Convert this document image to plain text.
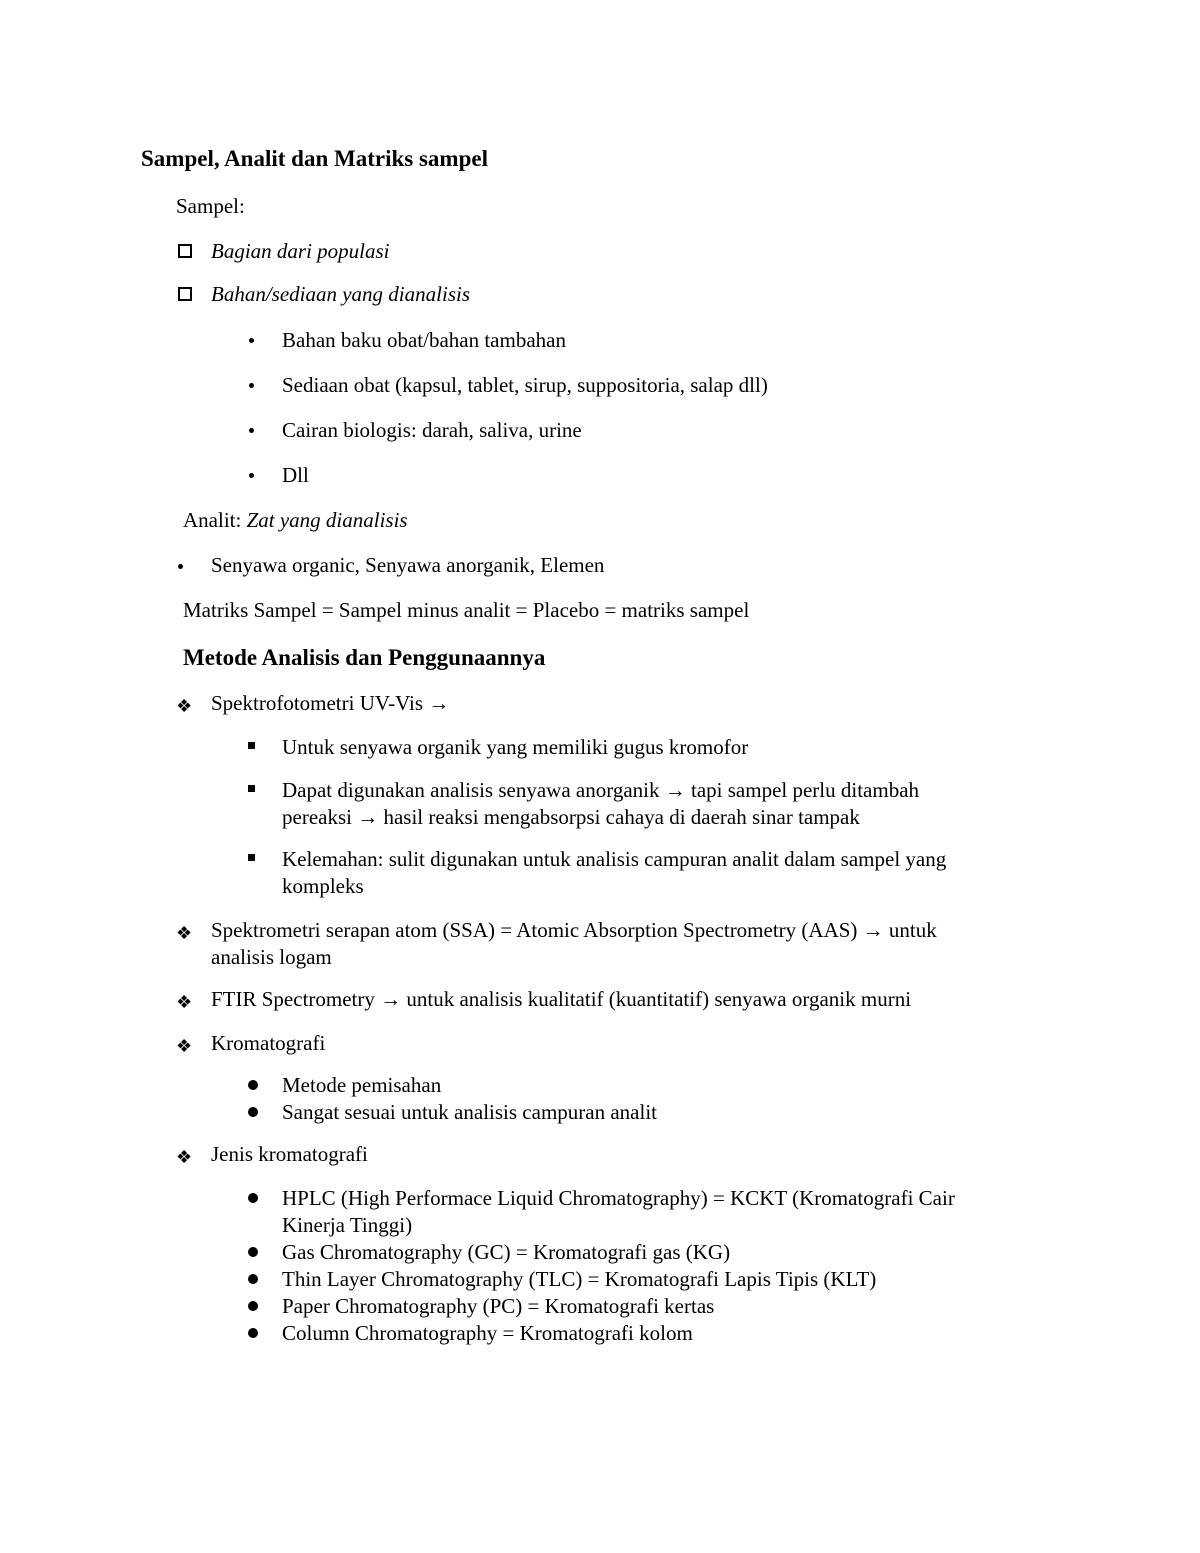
Sampel, Analit dan Matriks sampel
Sampel:
Bagian dari populasi
Bahan/sediaan yang dianalisis
Bahan baku obat/bahan tambahan
Sediaan obat (kapsul, tablet, sirup, suppositoria, salap dll)
Cairan biologis: darah, saliva, urine
Dll
Analit: Zat yang dianalisis
Senyawa organic, Senyawa anorganik, Elemen
Matriks Sampel = Sampel minus analit = Placebo = matriks sampel
Metode Analisis dan Penggunaannya
❖ Spektrofotometri UV-Vis →
Untuk senyawa organik yang memiliki gugus kromofor
Dapat digunakan analisis senyawa anorganik → tapi sampel perlu ditambah
pereaksi → hasil reaksi mengabsorpsi cahaya di daerah sinar tampak
Kelemahan: sulit digunakan untuk analisis campuran analit dalam sampel yang
kompleks
❖ Spektrometri serapan atom (SSA) = Atomic Absorption Spectrometry (AAS) → untuk
analisis logam
❖ FTIR Spectrometry → untuk analisis kualitatif (kuantitatif) senyawa organik murni
❖ Kromatografi
Metode pemisahan
Sangat sesuai untuk analisis campuran analit
❖ Jenis kromatografi
HPLC (High Performace Liquid Chromatography) = KCKT (Kromatografi Cair
Kinerja Tinggi)
Gas Chromatography (GC) = Kromatografi gas (KG)
Thin Layer Chromatography (TLC) = Kromatografi Lapis Tipis (KLT)
Paper Chromatography (PC) = Kromatografi kertas
Column Chromatography = Kromatografi kolom
